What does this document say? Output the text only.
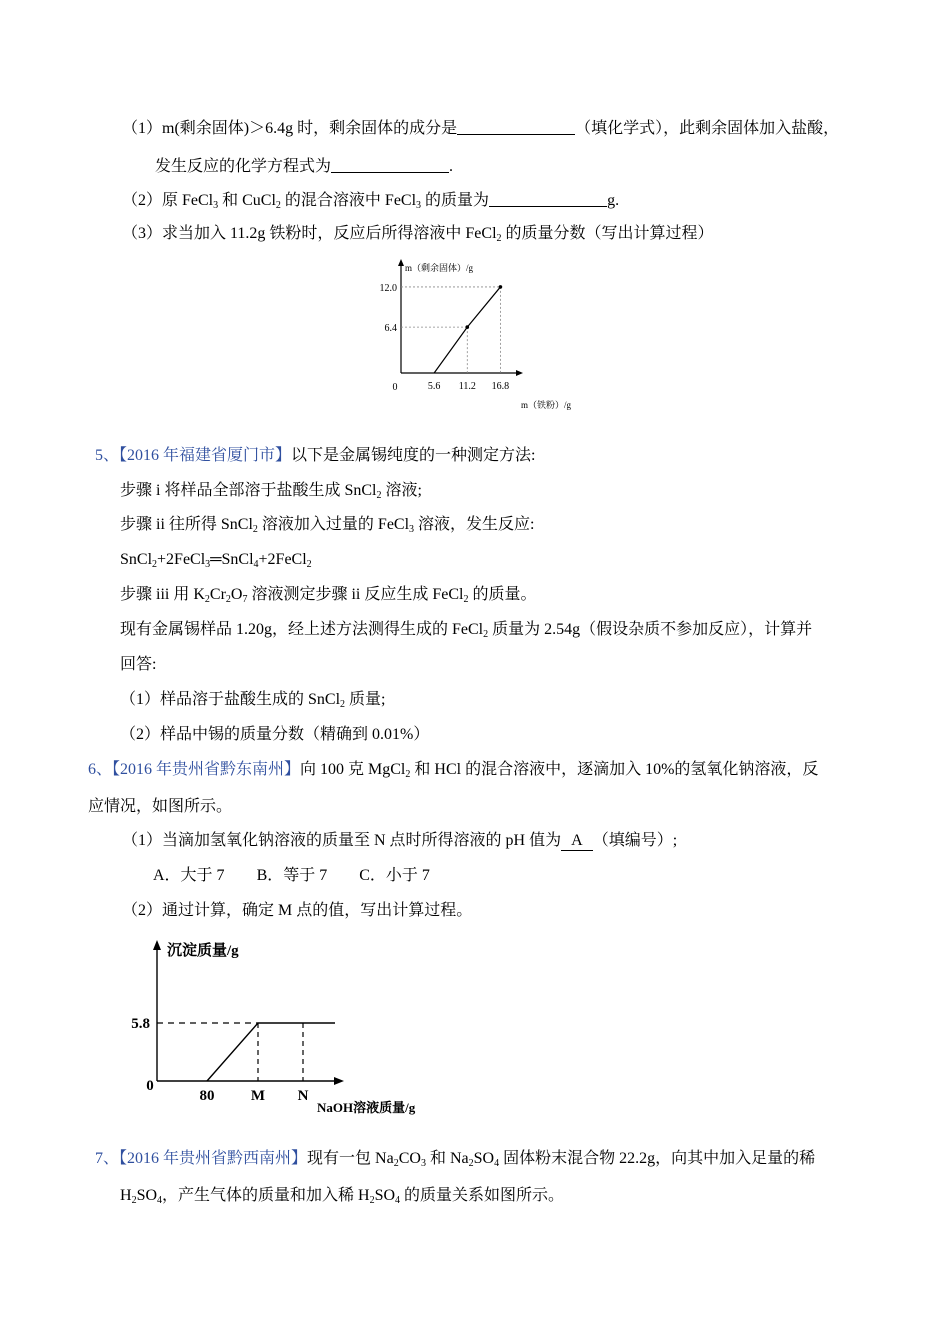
（1）m(剩余固体)＞6.4g 时，剩余固体的成分是	（填化学式），此剩余固体加入盐酸，
发生反应的化学方程式为	.
（2）原 FeCl$_3$ 和 CuCl$_2$ 的混合溶液中 FeCl$_3$ 的质量为	g.
（3）求当加入 11.2g 铁粉时，反应后所得溶液中 FeCl$_2$ 的质量分数（写出计算过程）
m（剩余固体）/g
m（铁粉）/g
0	5.6 11.2 16.8
6.4
12.0
5、【2016 年福建省厦门市】以下是金属锡纯度的一种测定方法:
步骤 i 将样品全部溶于盐酸生成 SnCl$_2$ 溶液;
步骤 ii 往所得 SnCl$_2$ 溶液加入过量的 FeCl$_3$ 溶液，发生反应:
SnCl$_2$+2FeCl$_3$═SnCl$_4$+2FeCl$_2$
步骤 iii 用 $K_2Cr_2O_7$ 溶液测定步骤 ii 反应生成 FeCl$_2$ 的质量。
现有金属锡样品 1.20g，经上述方法测得生成的 FeCl$_2$ 质量为 2.54g（假设杂质不参加反应），计算并
回答:
（1）样品溶于盐酸生成的 SnCl$_2$ 质量;
（2）样品中锡的质量分数（精确到 0.01%）
6、【2016 年贵州省黔东南州】向 100 克 MgCl$_2$ 和 HCl 的混合溶液中，逐滴加入 10%的氢氧化钠溶液，反
应情况，如图所示。
（1）当滴加氢氧化钠溶液的质量至 N 点时所得溶液的 pH 值为 A （填编号）;
A．大于 7 B．等于 7 C．小于 7
（2）通过计算，确定 M 点的值，写出计算过程。
沉淀质量/g
NaOH溶液质量/g
0
5.8
80 M N
7、【2016 年贵州省黔西南州】现有一包 $Na_2CO_3$ 和 $Na_2SO_4$ 固体粉末混合物 22.2g，向其中加入足量的稀
$H_2SO_4$，产生气体的质量和加入稀 $H_2SO_4$ 的质量关系如图所示。
